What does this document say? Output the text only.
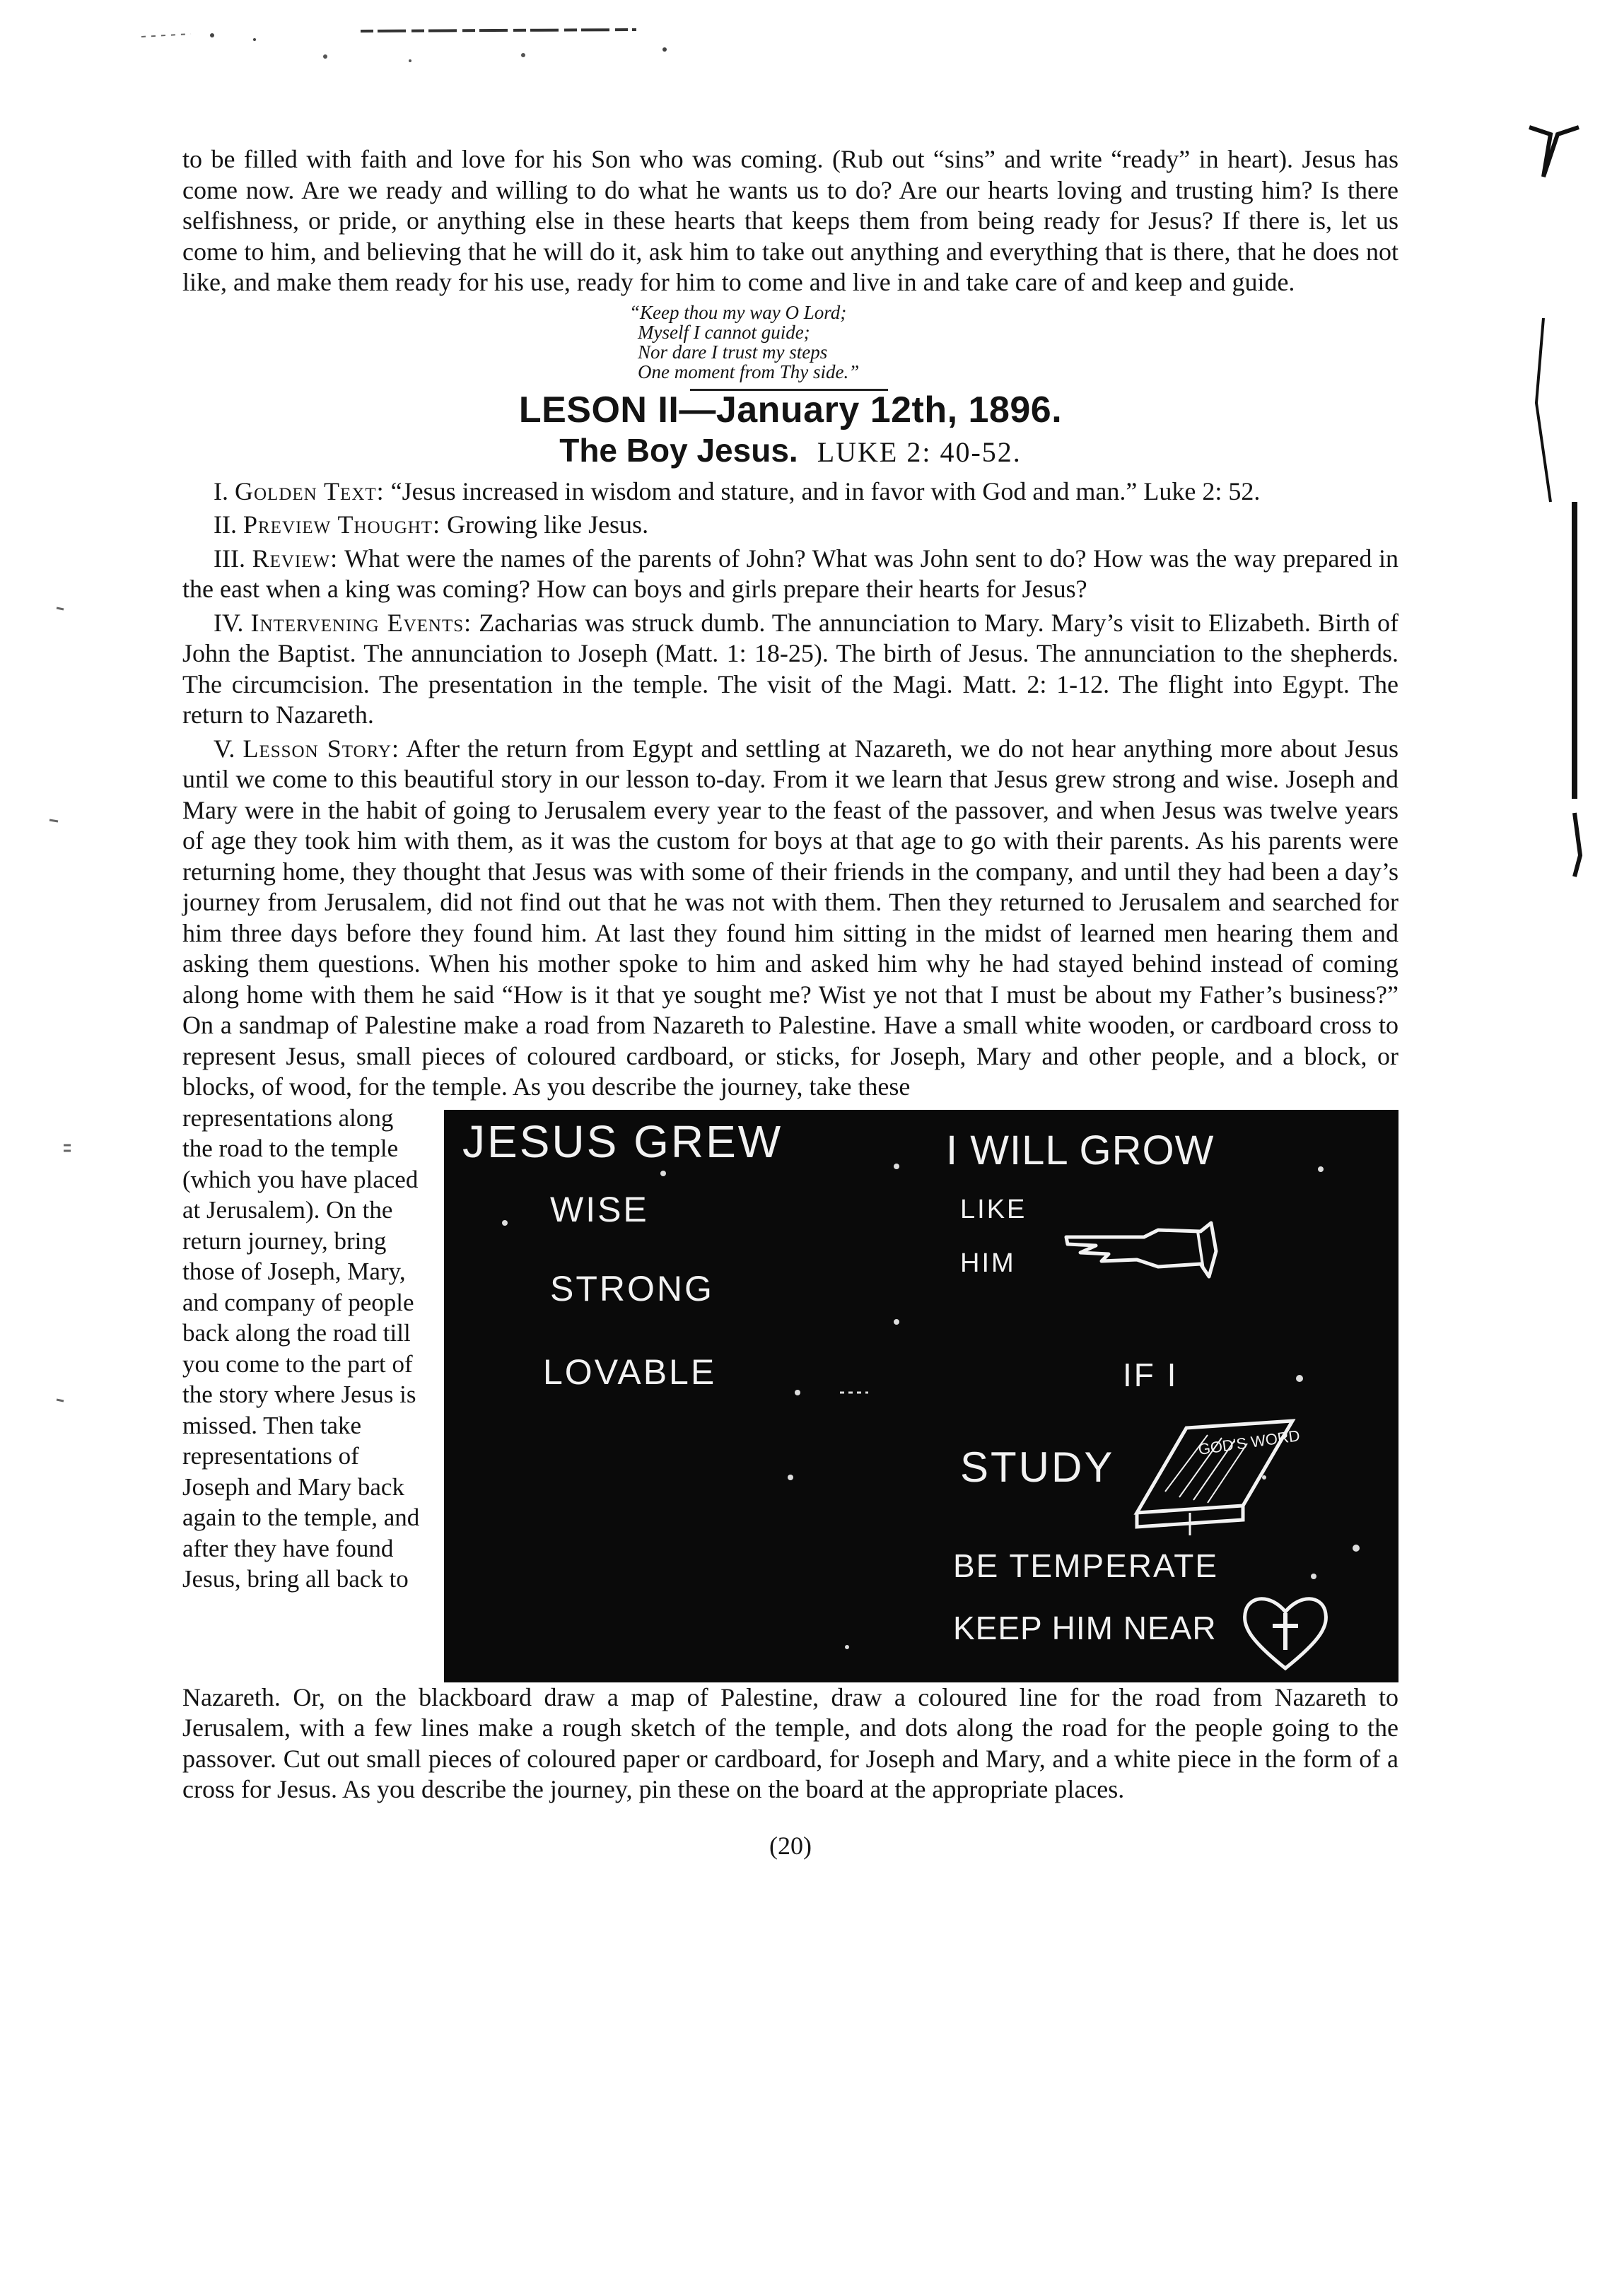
to be filled with faith and love for his Son who was coming. (Rub out “sins” and write “ready” in heart). Jesus has come now. Are we ready and willing to do what he wants us to do? Are our hearts loving and trusting him? Is there selfishness, or pride, or anything else in these hearts that keeps them from being ready for Jesus? If there is, let us come to him, and believing that he will do it, ask him to take out anything and everything that is there, that he does not like, and make them ready for his use, ready for him to come and live in and take care of and keep and guide.

“Keep thou my way O Lord;
Myself I cannot guide;
Nor dare I trust my steps
One moment from Thy side.”
LESON II—January 12th, 1896.
The Boy Jesus. LUKE 2: 40-52.

I. Golden Text: “Jesus increased in wisdom and stature, and in favor with God and man.” Luke 2: 52.

II. Preview Thought: Growing like Jesus.

III. Review: What were the names of the parents of John? What was John sent to do? How was the way prepared in the east when a king was coming? How can boys and girls prepare their hearts for Jesus?

IV. Intervening Events: Zacharias was struck dumb. The annunciation to Mary. Mary’s visit to Elizabeth. Birth of John the Baptist. The annunciation to Joseph (Matt. 1: 18-25). The birth of Jesus. The annunciation to the shepherds. The circumcision. The presentation in the temple. The visit of the Magi. Matt. 2: 1-12. The flight into Egypt. The return to Nazareth.

V. Lesson Story: After the return from Egypt and settling at Nazareth, we do not hear anything more about Jesus until we come to this beautiful story in our lesson to-day. From it we learn that Jesus grew strong and wise. Joseph and Mary were in the habit of going to Jerusalem every year to the feast of the passover, and when Jesus was twelve years of age they took him with them, as it was the custom for boys at that age to go with their parents. As his parents were returning home, they thought that Jesus was with some of their friends in the company, and until they had been a day’s journey from Jerusalem, did not find out that he was not with them. Then they returned to Jerusalem and searched for him three days before they found him. At last they found him sitting in the midst of learned men hearing them and asking them questions. When his mother spoke to him and asked him why he had stayed behind instead of coming along home with them he said “How is it that ye sought me? Wist ye not that I must be about my Father’s business?” On a sandmap of Palestine make a road from Nazareth to Palestine. Have a small white wooden, or cardboard cross to represent Jesus, small pieces of coloured cardboard, or sticks, for Joseph, Mary and other people, and a block, or blocks, of wood, for the temple. As you describe the journey, take these

representations along the road to the temple (which you have placed at Jerusalem). On the return journey, bring those of Joseph, Mary, and company of people back along the road till you come to the part of the story where Jesus is missed. Then take representations of Joseph and Mary back again to the temple, and after they have found Jesus, bring all back to
JESUS GREW
WISE
STRONG
LOVABLE
I WILL GROW
LIKE
HIM
IF I
STUDY
GOD'S WORD
BE TEMPERATE
KEEP HIM NEAR

Nazareth. Or, on the blackboard draw a map of Palestine, draw a coloured line for the road from Nazareth to Jerusalem, with a few lines make a rough sketch of the temple, and dots along the road for the people going to the passover. Cut out small pieces of coloured paper or cardboard, for Joseph and Mary, and a white piece in the form of a cross for Jesus. As you describe the journey, pin these on the board at the appropriate places.

(20)
